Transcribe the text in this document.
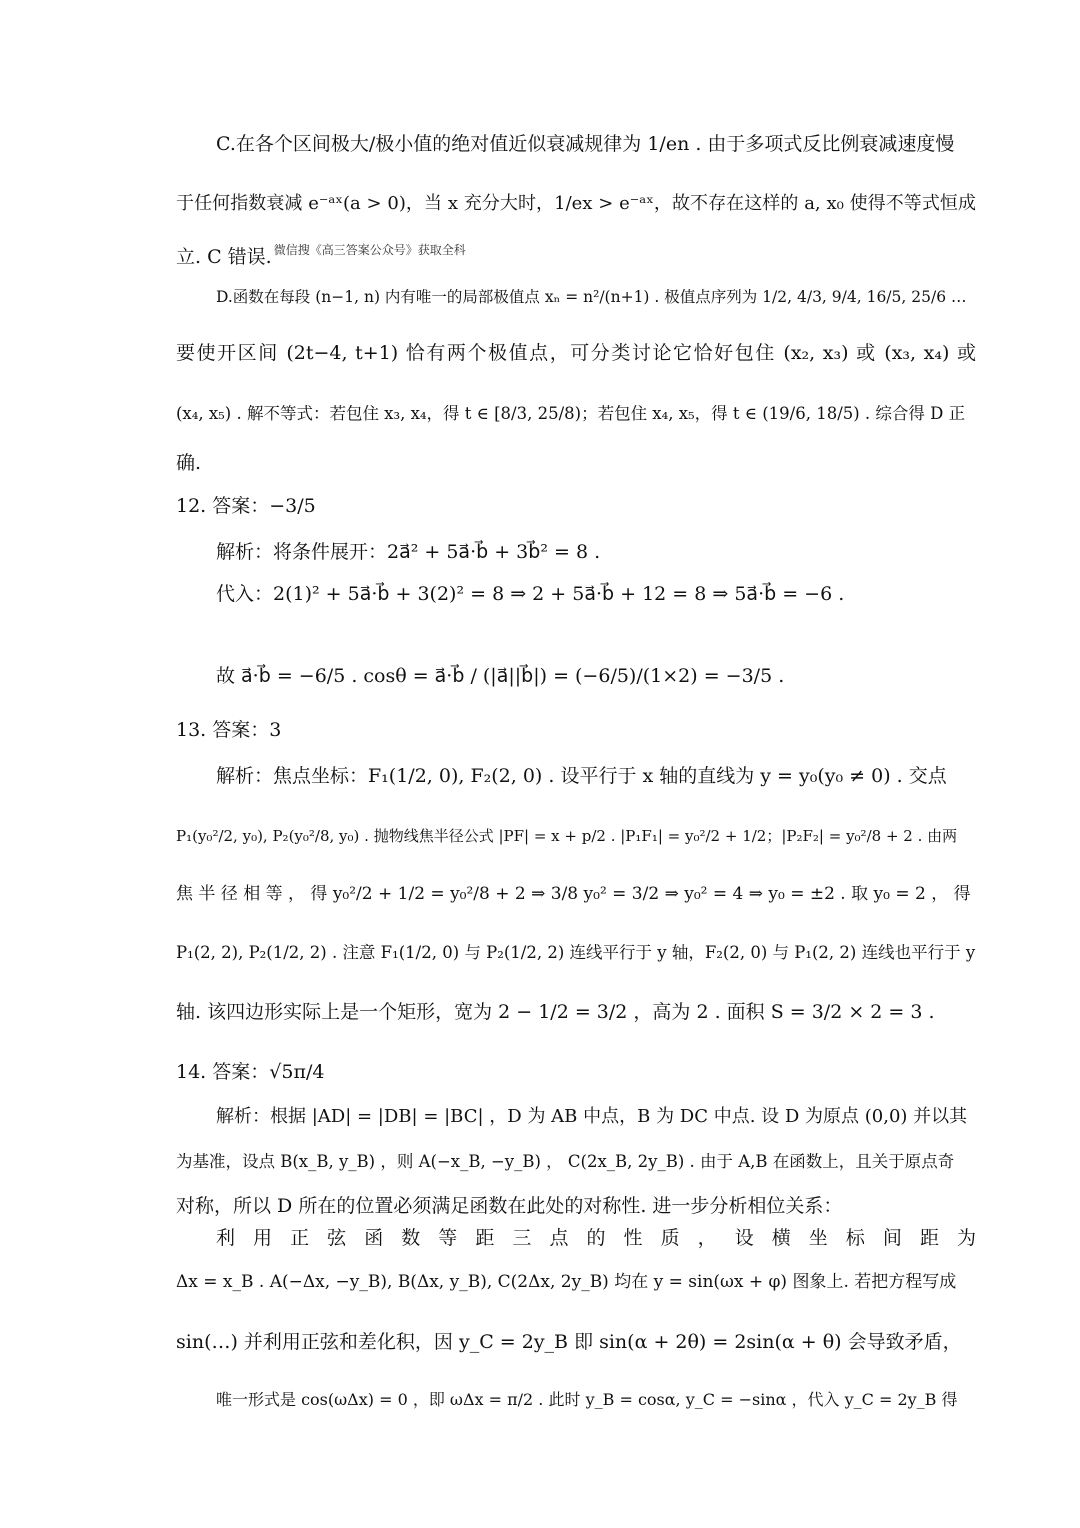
C.在各个区间极大/极小值的绝对值近似衰减规律为 1/en . 由于多项式反比例衰减速度慢
于任何指数衰减 e⁻ᵃˣ(a > 0)，当 x 充分大时，1/ex > e⁻ᵃˣ，故不存在这样的 a, x₀ 使得不等式恒成
立. C 错误. $^{微信搜《高三答案公众号》获取全科}$
D.函数在每段 (n−1, n) 内有唯一的局部极值点 xₙ = n²/(n+1) . 极值点序列为 1/2, 4/3, 9/4, 16/5, 25/6 …
要使开区间 (2t−4, t+1) 恰有两个极值点，可分类讨论它恰好包住 (x₂, x₃) 或 (x₃, x₄) 或
(x₄, x₅) . 解不等式：若包住 x₃, x₄，得 t ∈ [8/3, 25/8)；若包住 x₄, x₅，得 t ∈ (19/6, 18/5) . 综合得 D 正
确.
12. 答案：−3/5
解析：将条件展开：2a⃗² + 5a⃗·b⃗ + 3b⃗² = 8 .
代入：2(1)² + 5a⃗·b⃗ + 3(2)² = 8 ⇒ 2 + 5a⃗·b⃗ + 12 = 8 ⇒ 5a⃗·b⃗ = −6 .
故 a⃗·b⃗ = −6/5 . cosθ = a⃗·b⃗ / (|a⃗||b⃗|) = (−6/5)/(1×2) = −3/5 .
13. 答案：3
解析：焦点坐标：F₁(1/2, 0), F₂(2, 0) . 设平行于 x 轴的直线为 y = y₀(y₀ ≠ 0) . 交点
P₁(y₀²/2, y₀), P₂(y₀²/8, y₀) . 抛物线焦半径公式 |PF| = x + p/2 . |P₁F₁| = y₀²/2 + 1/2；|P₂F₂| = y₀²/8 + 2 . 由两
焦 半 径 相 等 ， 得 y₀²/2 + 1/2 = y₀²/8 + 2 ⇒ 3/8 y₀² = 3/2 ⇒ y₀² = 4 ⇒ y₀ = ±2 . 取 y₀ = 2 ， 得
P₁(2, 2), P₂(1/2, 2) . 注意 F₁(1/2, 0) 与 P₂(1/2, 2) 连线平行于 y 轴，F₂(2, 0) 与 P₁(2, 2) 连线也平行于 y
轴. 该四边形实际上是一个矩形，宽为 2 − 1/2 = 3/2 ，高为 2 . 面积 S = 3/2 × 2 = 3 .
14. 答案：√5π/4
解析：根据 |AD| = |DB| = |BC| ，D 为 AB 中点，B 为 DC 中点. 设 D 为原点 (0,0) 并以其
为基准，设点 B(x_B, y_B) ，则 A(−x_B, −y_B) ， C(2x_B, 2y_B) . 由于 A,B 在函数上，且关于原点奇
对称，所以 D 所在的位置必须满足函数在此处的对称性. 进一步分析相位关系：
利 用 正 弦 函 数 等 距 三 点 的 性 质 ， 设 横 坐 标 间 距 为
Δx = x_B . A(−Δx, −y_B), B(Δx, y_B), C(2Δx, 2y_B) 均在 y = sin(ωx + φ) 图象上. 若把方程写成
sin(…) 并利用正弦和差化积，因 y_C = 2y_B 即 sin(α + 2θ) = 2sin(α + θ) 会导致矛盾，
唯一形式是 cos(ωΔx) = 0 ，即 ωΔx = π/2 . 此时 y_B = cosα, y_C = −sinα ，代入 y_C = 2y_B 得
